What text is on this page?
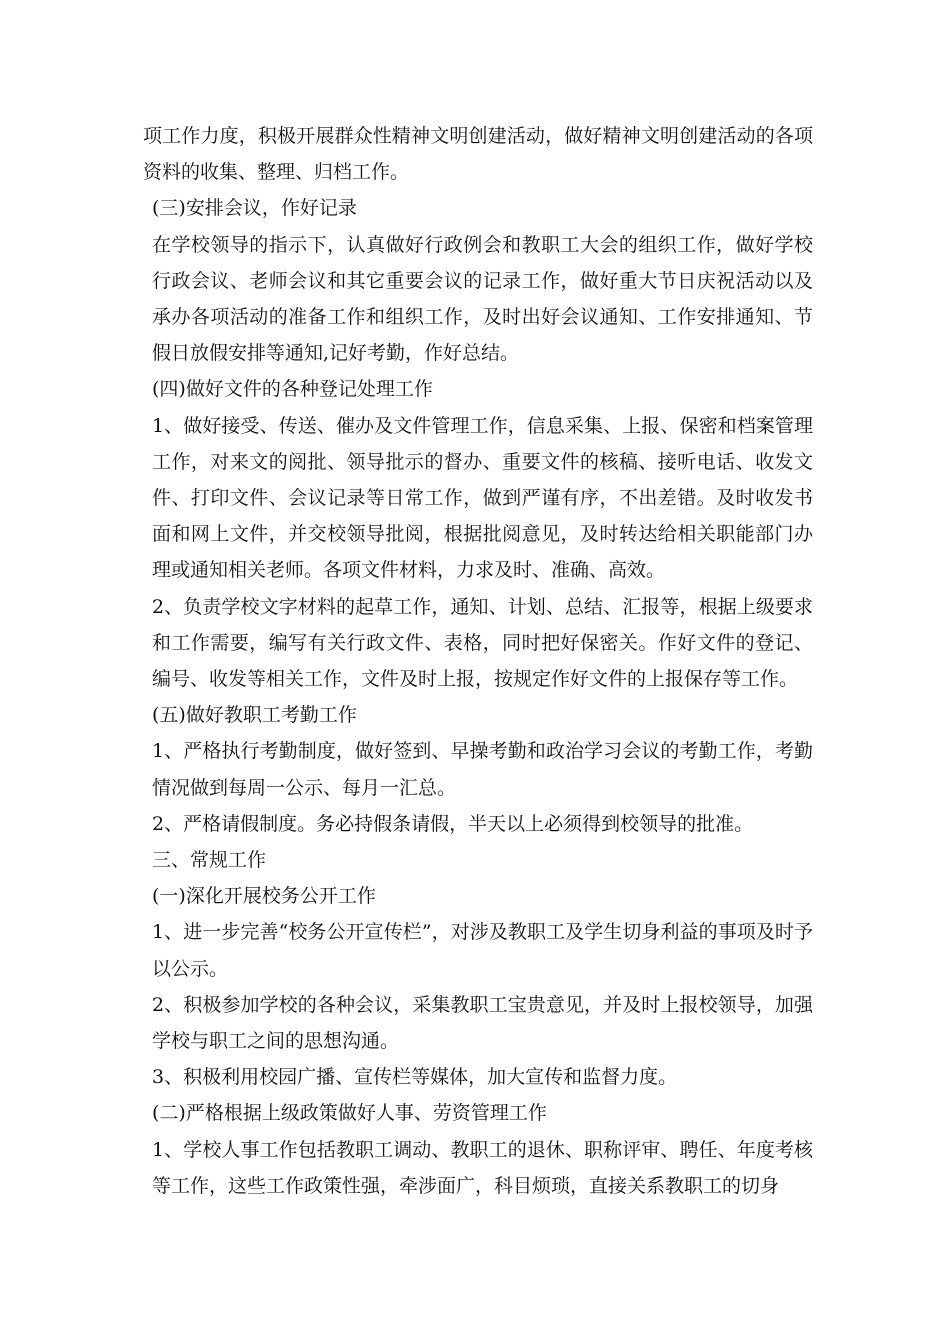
项工作力度，积极开展群众性精神文明创建活动，做好精神文明创建活动的各项资料的收集、整理、归档工作。

(三)安排会议，作好记录

在学校领导的指示下，认真做好行政例会和教职工大会的组织工作，做好学校行政会议、老师会议和其它重要会议的记录工作，做好重大节日庆祝活动以及承办各项活动的准备工作和组织工作，及时出好会议通知、工作安排通知、节假日放假安排等通知,记好考勤，作好总结。

(四)做好文件的各种登记处理工作

1、做好接受、传送、催办及文件管理工作，信息采集、上报、保密和档案管理工作，对来文的阅批、领导批示的督办、重要文件的核稿、接听电话、收发文件、打印文件、会议记录等日常工作，做到严谨有序，不出差错。及时收发书面和网上文件，并交校领导批阅，根据批阅意见，及时转达给相关职能部门办理或通知相关老师。各项文件材料，力求及时、准确、高效。

2、负责学校文字材料的起草工作，通知、计划、总结、汇报等，根据上级要求和工作需要，编写有关行政文件、表格，同时把好保密关。作好文件的登记、编号、收发等相关工作，文件及时上报，按规定作好文件的上报保存等工作。

(五)做好教职工考勤工作

1、严格执行考勤制度，做好签到、早操考勤和政治学习会议的考勤工作，考勤情况做到每周一公示、每月一汇总。

2、严格请假制度。务必持假条请假，半天以上必须得到校领导的批准。

三、常规工作

(一)深化开展校务公开工作

1、进一步完善“校务公开宣传栏”，对涉及教职工及学生切身利益的事项及时予以公示。

2、积极参加学校的各种会议，采集教职工宝贵意见，并及时上报校领导，加强学校与职工之间的思想沟通。

3、积极利用校园广播、宣传栏等媒体，加大宣传和监督力度。

(二)严格根据上级政策做好人事、劳资管理工作

1、学校人事工作包括教职工调动、教职工的退休、职称评审、聘任、年度考核等工作，这些工作政策性强，牵涉面广，科目烦琐，直接关系教职工的切身
